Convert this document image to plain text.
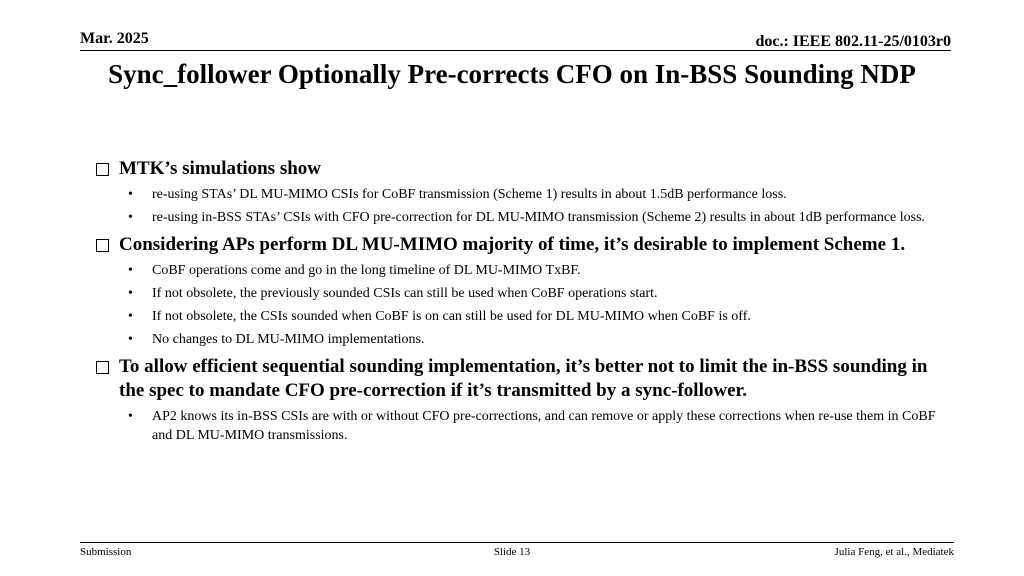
Mar. 2025	doc.: IEEE 802.11-25/0103r0
Sync_follower Optionally Pre-corrects CFO on In-BSS Sounding NDP
MTK’s simulations show
•	re-using STAs’ DL MU-MIMO CSIs for CoBF transmission (Scheme 1) results in about 1.5dB performance loss.
•	re-using in-BSS STAs’ CSIs with CFO pre-correction for DL MU-MIMO transmission (Scheme 2) results in about 1dB performance loss.
Considering APs perform DL MU-MIMO majority of time, it’s desirable to implement Scheme 1.
•	CoBF operations come and go in the long timeline of DL MU-MIMO TxBF.
•	If not obsolete, the previously sounded CSIs can still be used when CoBF operations start.
•	If not obsolete, the CSIs sounded when CoBF is on can still be used for DL MU-MIMO when CoBF is off.
•	No changes to DL MU-MIMO implementations.
To allow efficient sequential sounding implementation, it’s better not to limit the in-BSS sounding in the spec to mandate CFO pre-correction if it’s transmitted by a sync-follower.
•	AP2 knows its in-BSS CSIs are with or without CFO pre-corrections, and can remove or apply these corrections when re-use them in CoBF and DL MU-MIMO transmissions.
Submission	Slide 13	Julia Feng, et al., Mediatek
